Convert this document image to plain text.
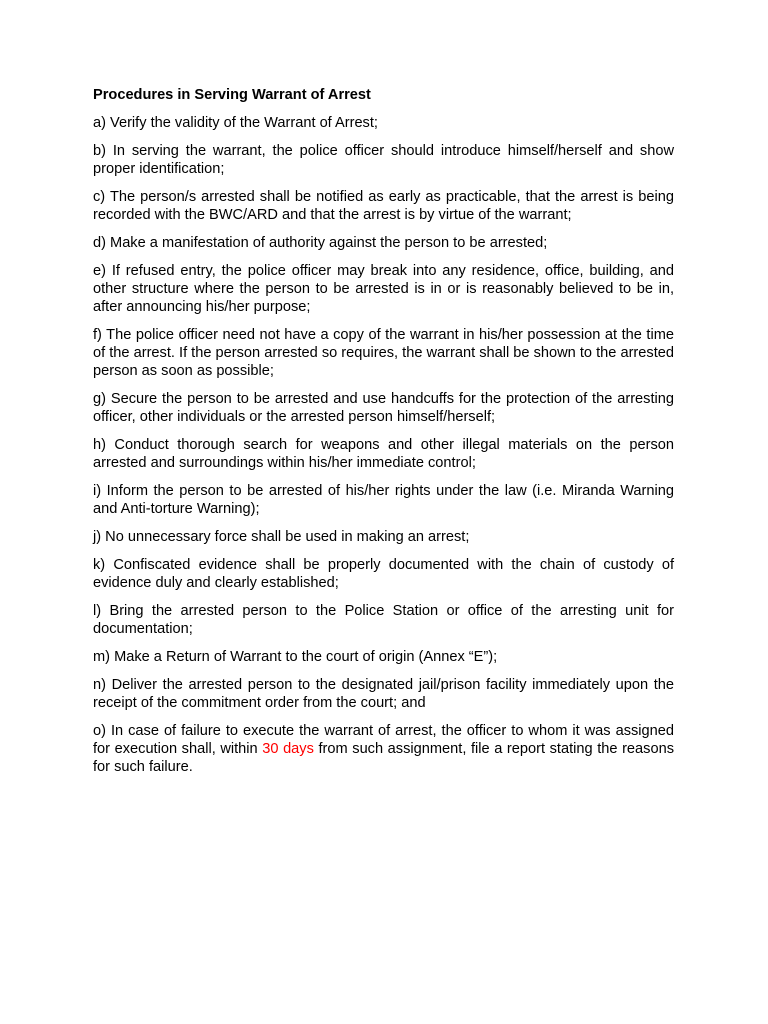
Procedures in Serving Warrant of Arrest

a) Verify the validity of the Warrant of Arrest;

b) In serving the warrant, the police officer should introduce himself/herself and show proper identification;

c) The person/s arrested shall be notified as early as practicable, that the arrest is being recorded with the BWC/ARD and that the arrest is by virtue of the warrant;

d) Make a manifestation of authority against the person to be arrested;

e) If refused entry, the police officer may break into any residence, office, building, and other structure where the person to be arrested is in or is reasonably believed to be in, after announcing his/her purpose;

f) The police officer need not have a copy of the warrant in his/her possession at the time of the arrest. If the person arrested so requires, the warrant shall be shown to the arrested person as soon as possible;

g) Secure the person to be arrested and use handcuffs for the protection of the arresting officer, other individuals or the arrested person himself/herself;

h) Conduct thorough search for weapons and other illegal materials on the person arrested and surroundings within his/her immediate control;

i) Inform the person to be arrested of his/her rights under the law (i.e. Miranda Warning and Anti-torture Warning);

j) No unnecessary force shall be used in making an arrest;

k) Confiscated evidence shall be properly documented with the chain of custody of evidence duly and clearly established;

l) Bring the arrested person to the Police Station or office of the arresting unit for documentation;

m) Make a Return of Warrant to the court of origin (Annex “E”);

n) Deliver the arrested person to the designated jail/prison facility immediately upon the receipt of the commitment order from the court; and

o) In case of failure to execute the warrant of arrest, the officer to whom it was assigned for execution shall, within 30 days from such assignment, file a report stating the reasons for such failure.
